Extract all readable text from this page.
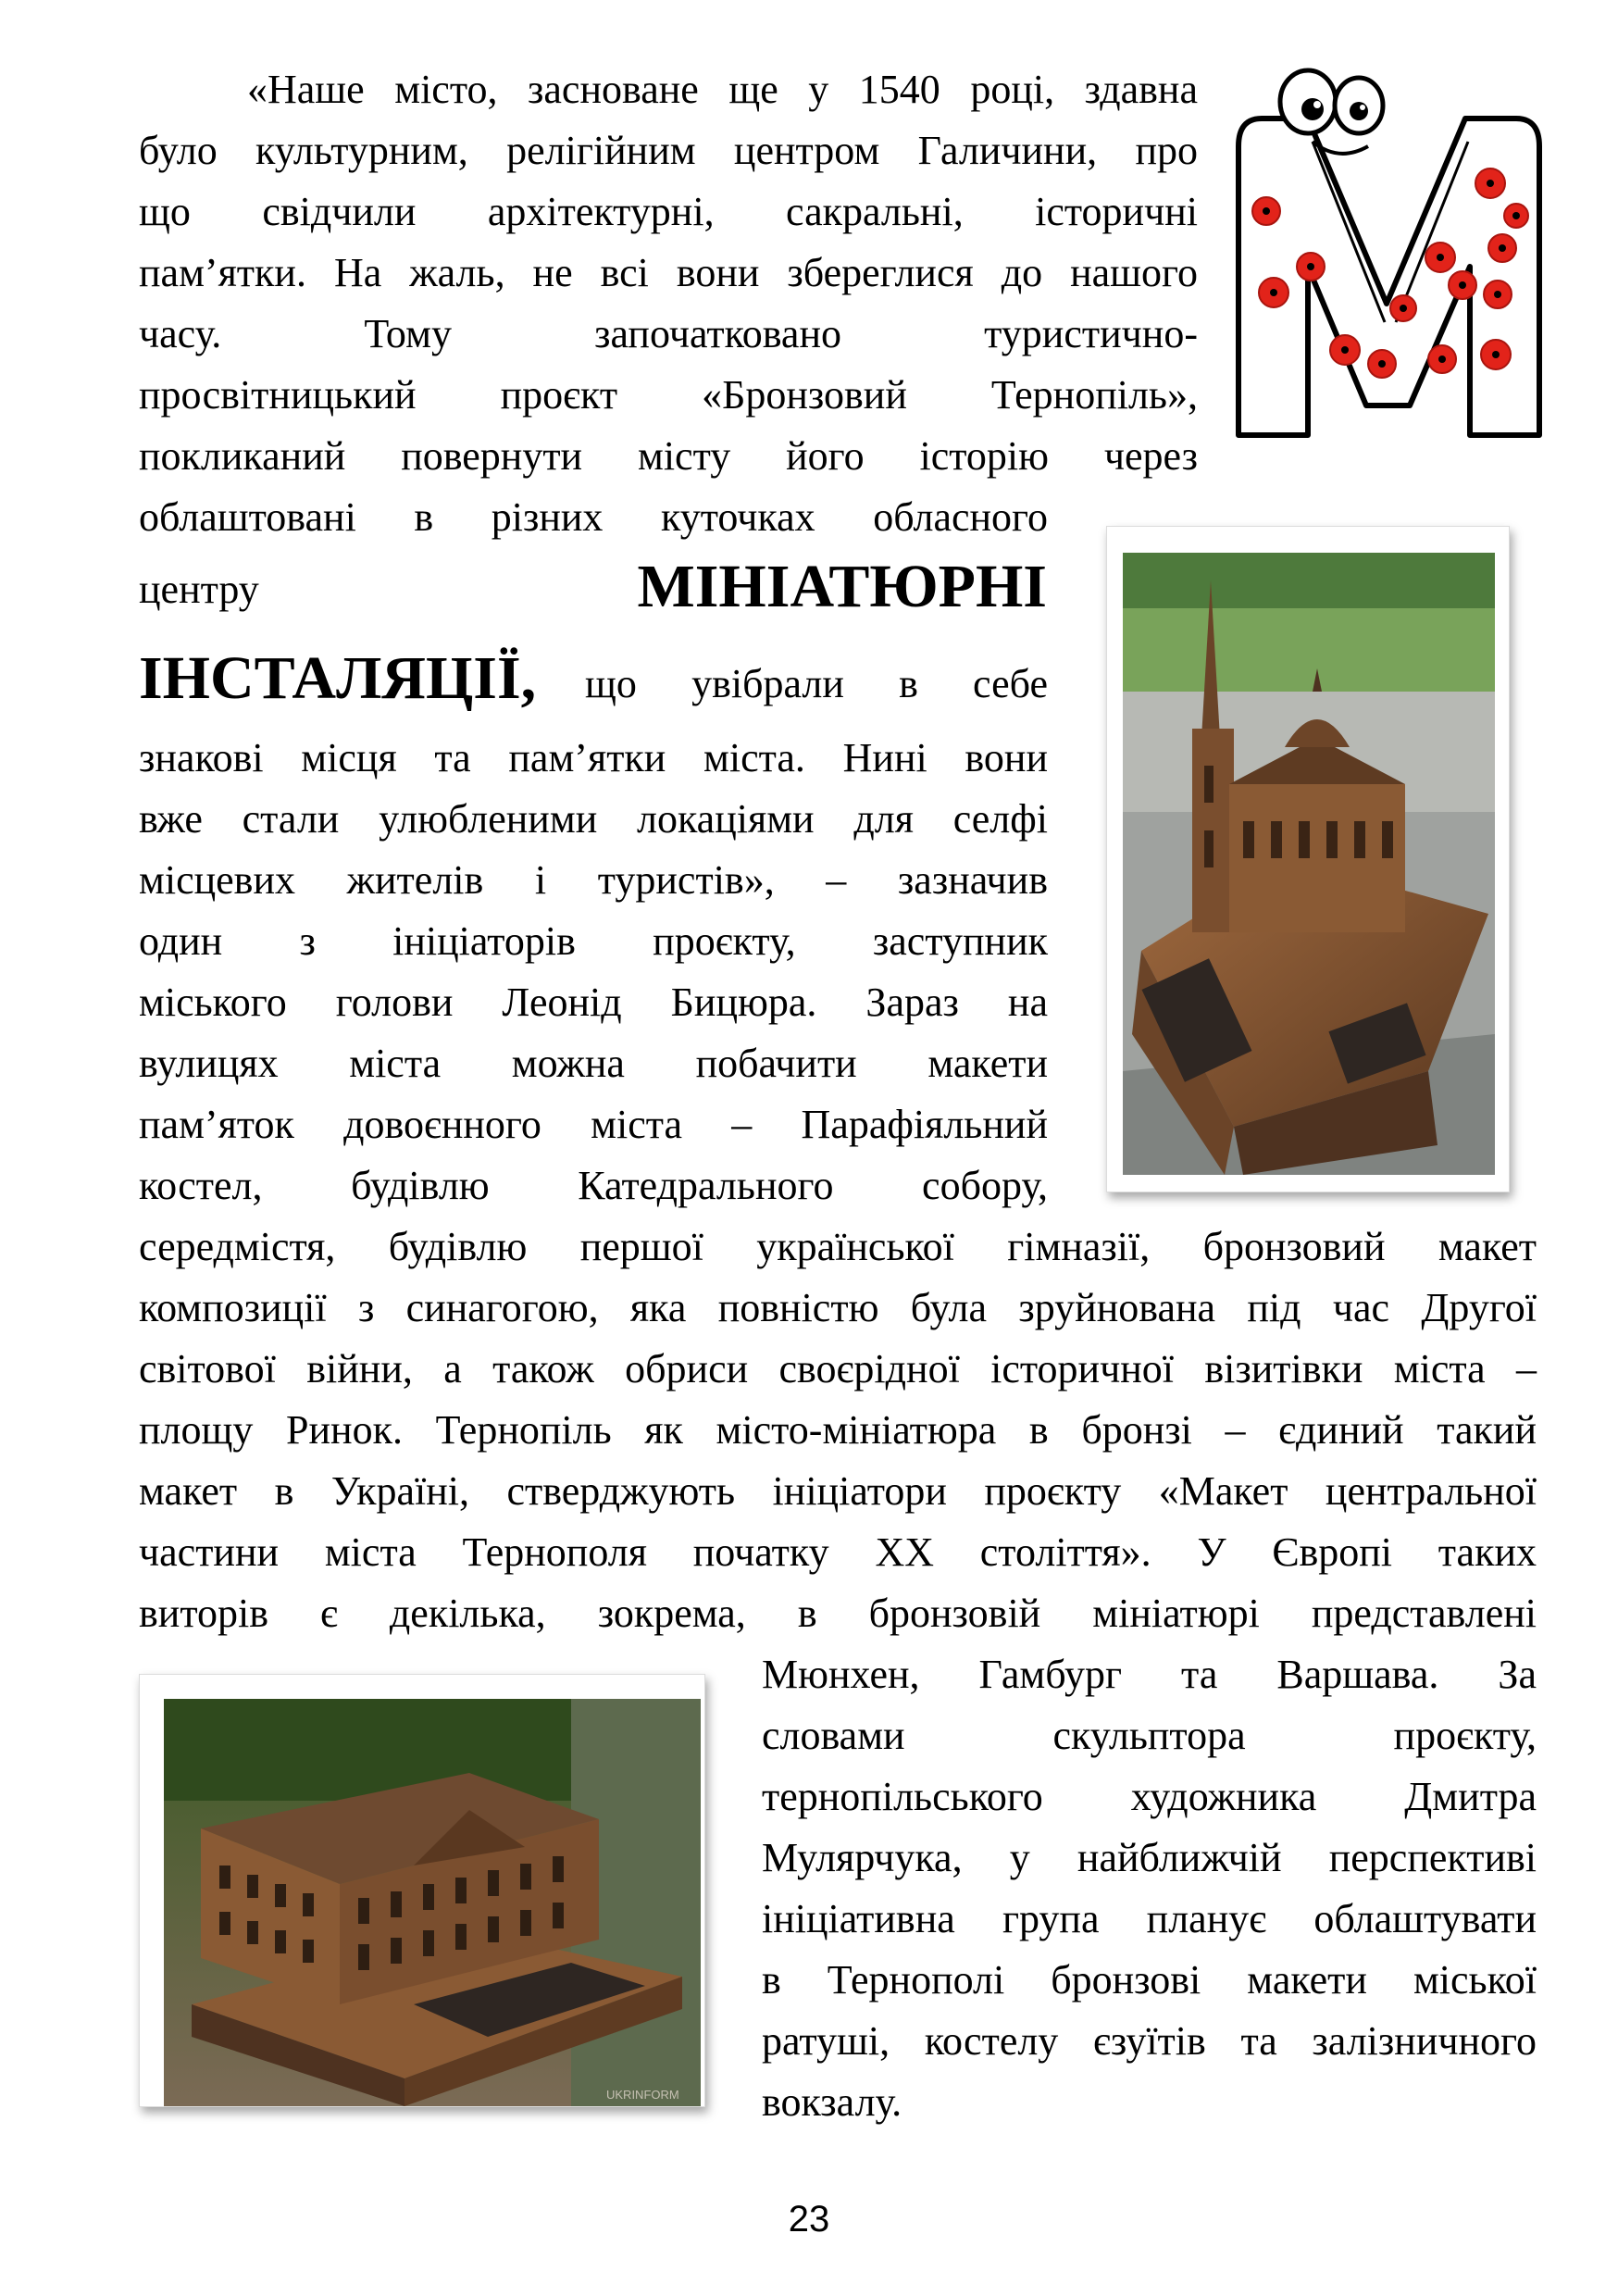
«Наше місто, засноване ще у 1540 році, здавна

було культурним, релігійним центром Галичини, про

що свідчили архітектурні, сакральні, історичні

пам’ятки. На жаль, не всі вони збереглися до нашого

часу. Тому започатковано туристично-

просвітницький проєкт «Бронзовий Тернопіль»,

покликаний повернути місту його історію через

облаштовані в різних куточках обласного

центру	МІНІАТЮРНІ
ІНСТАЛЯЦІЇ, що увібрали в себе

знакові місця та пам’ятки міста. Нині вони

вже стали улюбленими локаціями для селфі

місцевих жителів і туристів», – зазначив

один з ініціаторів проєкту, заступник

міського голови Леонід Бицюра. Зараз на

вулицях міста можна побачити макети

пам’яток довоєнного міста – Парафіяльний

костел, будівлю Катедрального собору,

середмістя, будівлю першої української гімназії, бронзовий макет

композиції з синагогою, яка повністю була зруйнована під час Другої

світової війни, а також обриси своєрідної історичної візитівки міста –

площу Ринок. Тернопіль як місто-мініатюра в бронзі – єдиний такий

макет в Україні, стверджують ініціатори проєкту «Макет центральної

частини міста Тернополя початку ХХ століття». У Європі таких

виторів є декілька, зокрема, в бронзовій мініатюрі представлені

Мюнхен, Гамбург та Варшава. За

словами скульптора проєкту,

тернопільського художника Дмитра

Мулярчука, у найближчій перспективі

ініціативна група планує облаштувати

в Тернополі бронзові макети міської

ратуші, костелу єзуїтів та залізничного

вокзалу.

UKRINFORM
23
